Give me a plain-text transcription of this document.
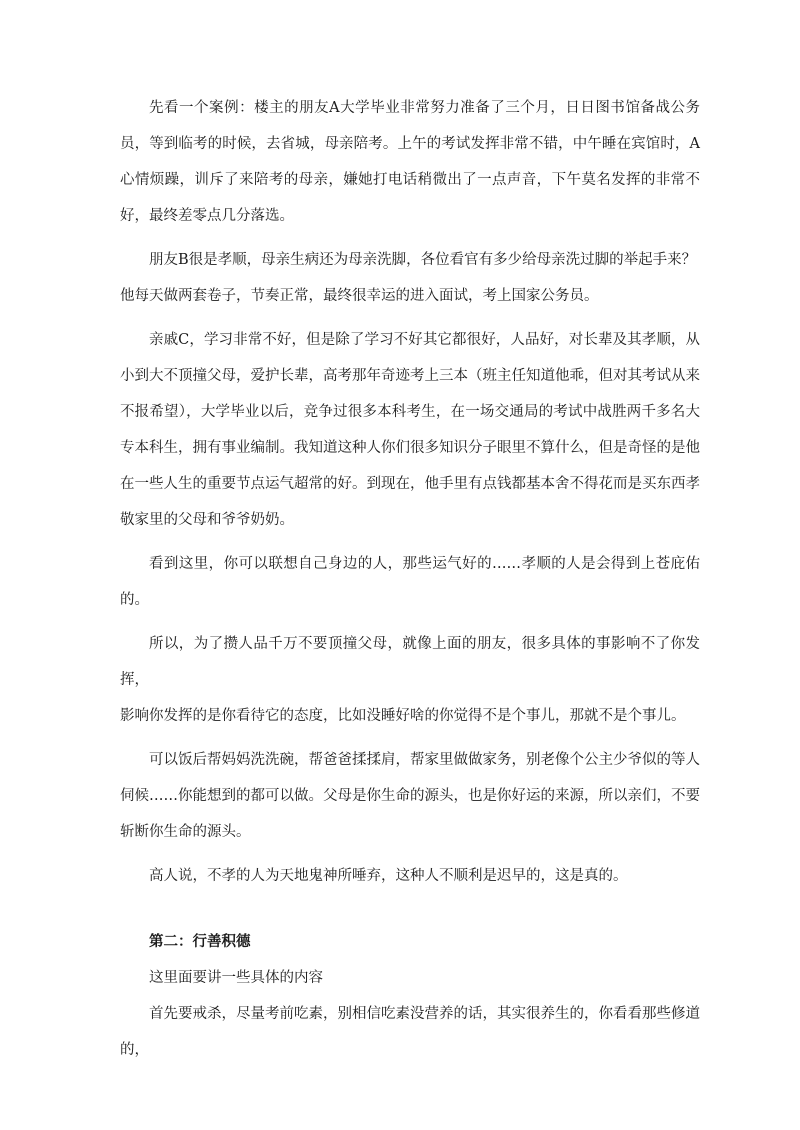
先看一个案例：楼主的朋友A大学毕业非常努力准备了三个月，日日图书馆备战公务员，等到临考的时候，去省城，母亲陪考。上午的考试发挥非常不错，中午睡在宾馆时，A心情烦躁，训斥了来陪考的母亲，嫌她打电话稍微出了一点声音，下午莫名发挥的非常不好，最终差零点几分落选。

朋友B很是孝顺，母亲生病还为母亲洗脚，各位看官有多少给母亲洗过脚的举起手来？

他每天做两套卷子，节奏正常，最终很幸运的进入面试，考上国家公务员。

亲戚C，学习非常不好，但是除了学习不好其它都很好，人品好，对长辈及其孝顺，从小到大不顶撞父母，爱护长辈，高考那年奇迹考上三本（班主任知道他乖，但对其考试从来不报希望），大学毕业以后，竞争过很多本科考生，在一场交通局的考试中战胜两千多名大专本科生，拥有事业编制。我知道这种人你们很多知识分子眼里不算什么，但是奇怪的是他在一些人生的重要节点运气超常的好。到现在，他手里有点钱都基本舍不得花而是买东西孝敬家里的父母和爷爷奶奶。

看到这里，你可以联想自己身边的人，那些运气好的……孝顺的人是会得到上苍庇佑的。

所以，为了攒人品千万不要顶撞父母，就像上面的朋友，很多具体的事影响不了你发挥，

影响你发挥的是你看待它的态度，比如没睡好啥的你觉得不是个事儿，那就不是个事儿。

可以饭后帮妈妈洗洗碗，帮爸爸揉揉肩，帮家里做做家务，别老像个公主少爷似的等人伺候……你能想到的都可以做。父母是你生命的源头，也是你好运的来源，所以亲们，不要斩断你生命的源头。

高人说，不孝的人为天地鬼神所唾弃，这种人不顺利是迟早的，这是真的。

第二：行善积德

这里面要讲一些具体的内容

首先要戒杀，尽量考前吃素，别相信吃素没营养的话，其实很养生的，你看看那些修道的，
